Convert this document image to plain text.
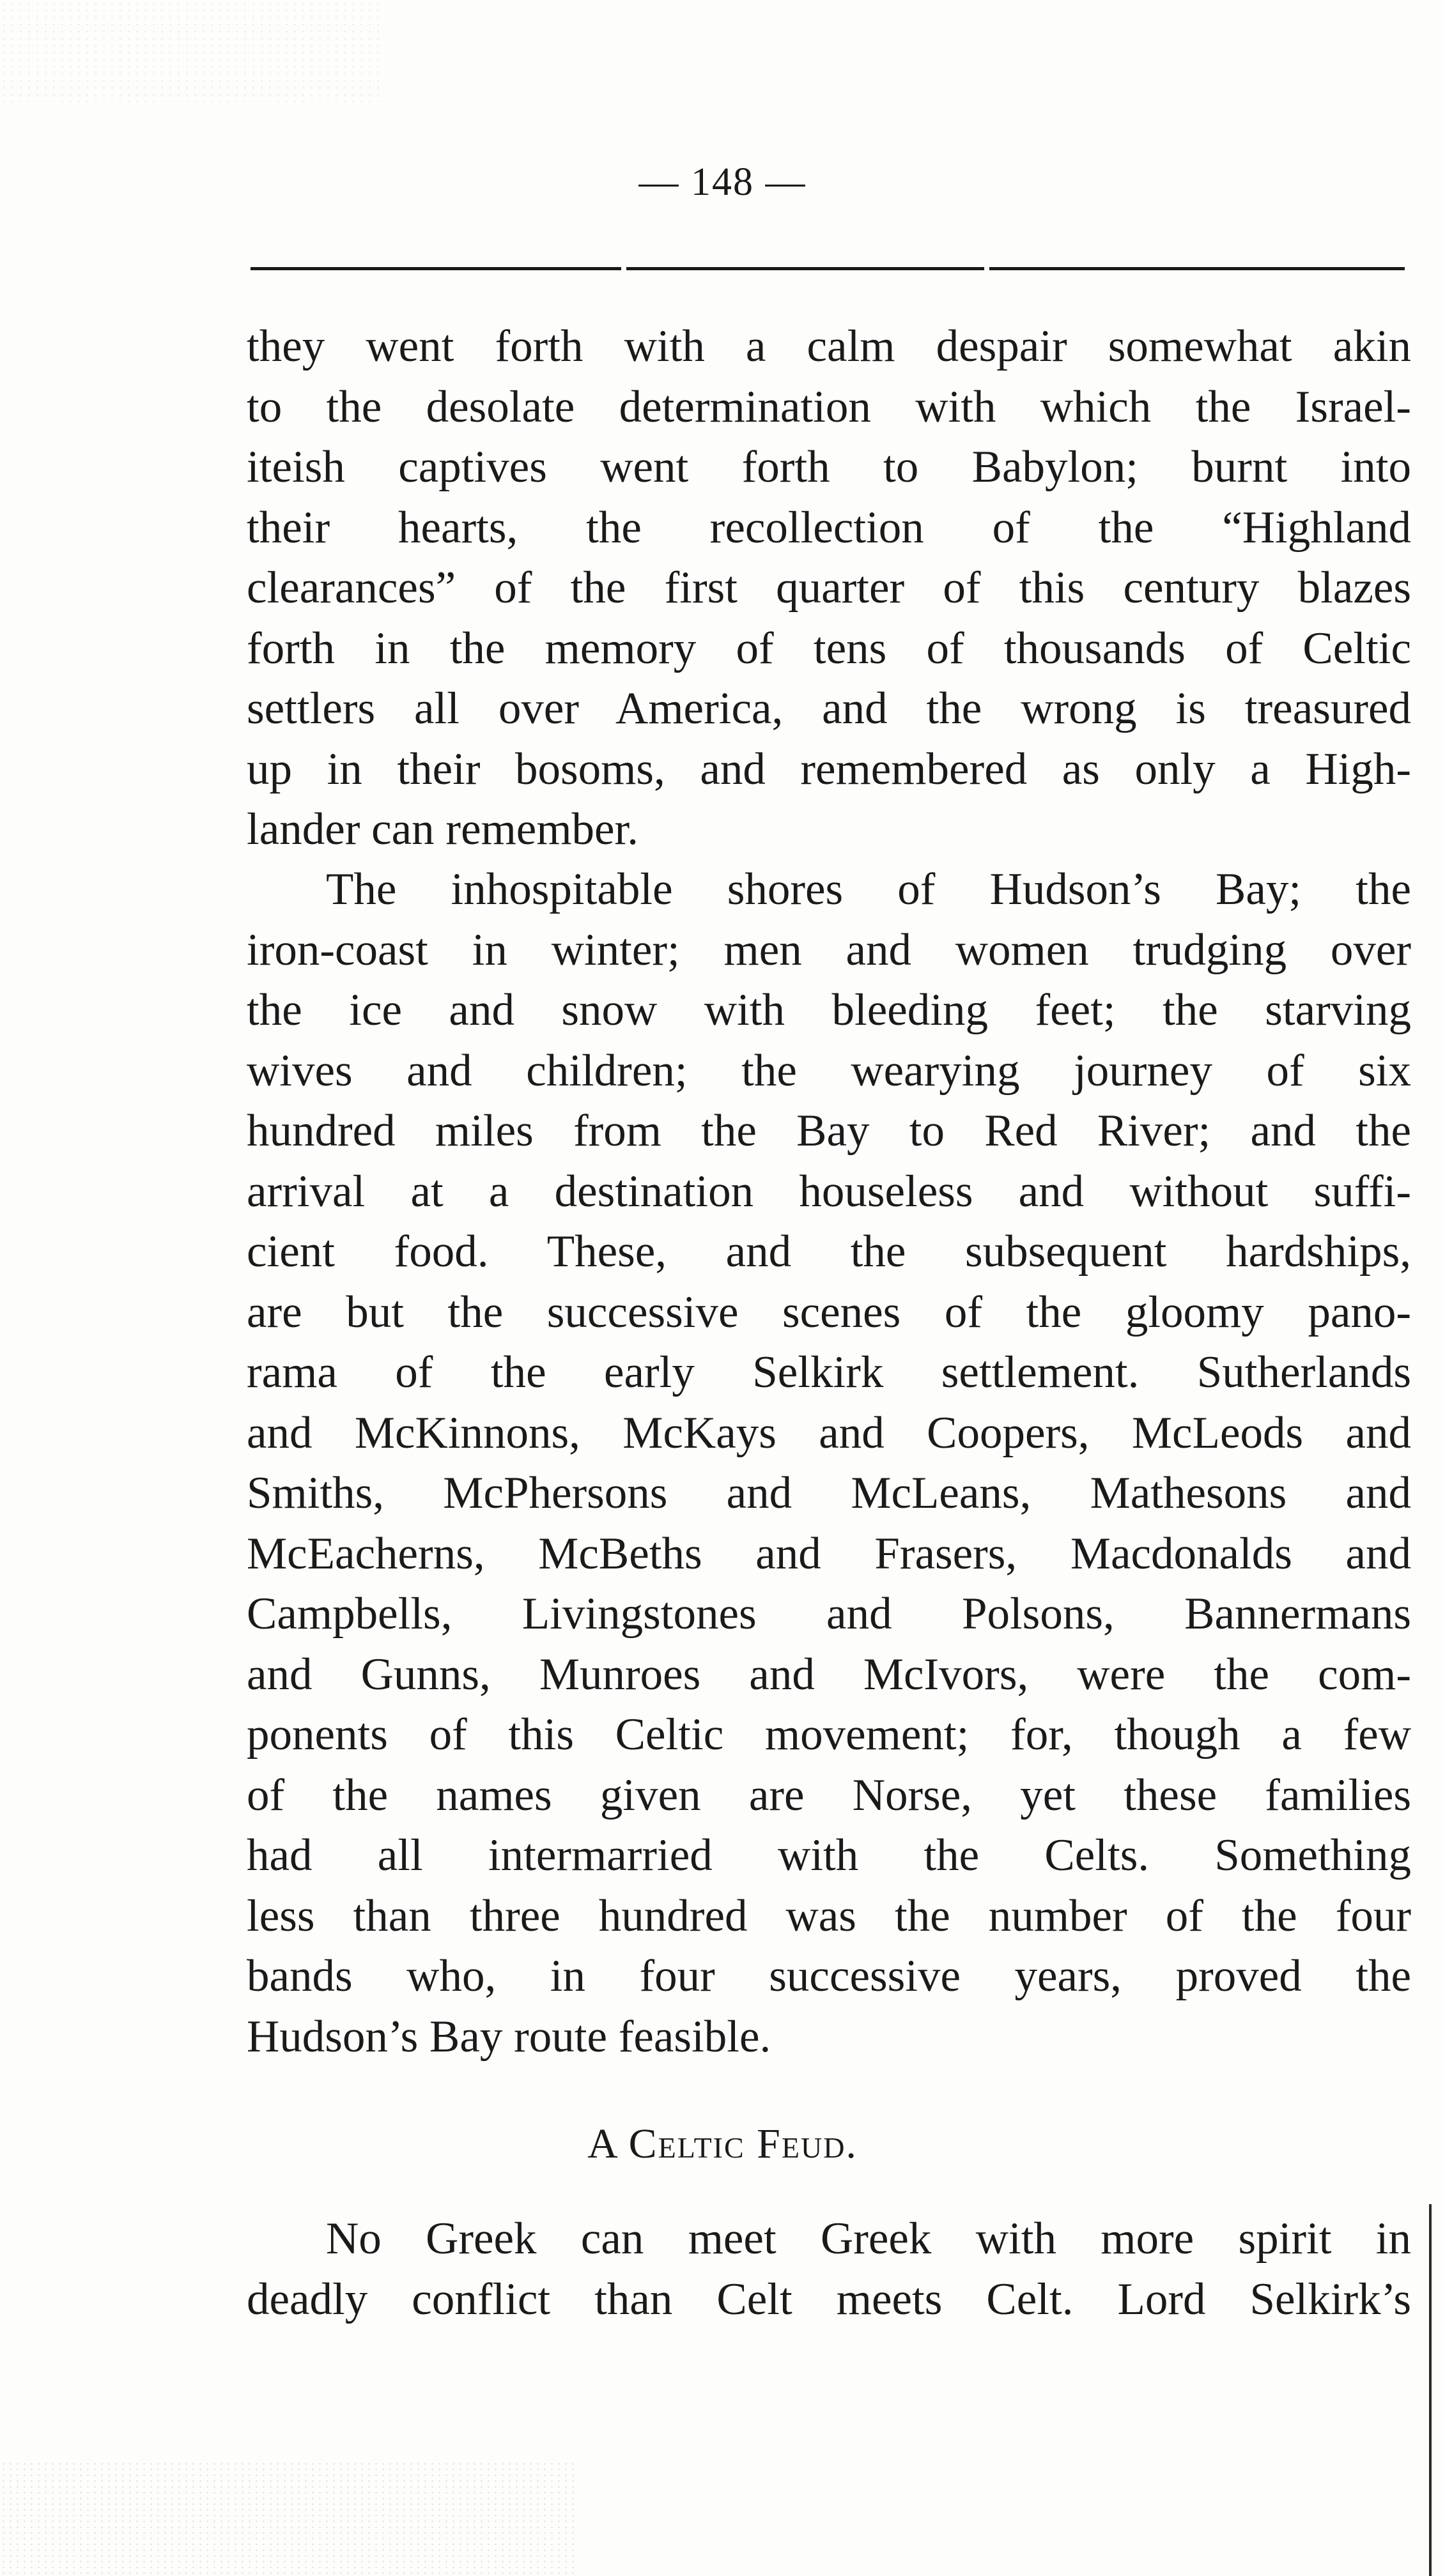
— 148 —
they went forth with a calm despair somewhat akin
to the desolate determination with which the Israel-
iteish captives went forth to Babylon; burnt into
their hearts, the recollection of the “Highland
clearances” of the first quarter of this century blazes
forth in the memory of tens of thousands of Celtic
settlers all over America, and the wrong is treasured
up in their bosoms, and remembered as only a High-
lander can remember.
The inhospitable shores of Hudson’s Bay; the
iron-coast in winter; men and women trudging over
the ice and snow with bleeding feet; the starving
wives and children; the wearying journey of six
hundred miles from the Bay to Red River; and the
arrival at a destination houseless and without suffi-
cient food. These, and the subsequent hardships,
are but the successive scenes of the gloomy pano-
rama of the early Selkirk settlement. Sutherlands
and McKinnons, McKays and Coopers, McLeods and
Smiths, McPhersons and McLeans, Mathesons and
McEacherns, McBeths and Frasers, Macdonalds and
Campbells, Livingstones and Polsons, Bannermans
and Gunns, Munroes and McIvors, were the com-
ponents of this Celtic movement; for, though a few
of the names given are Norse, yet these families
had all intermarried with the Celts. Something
less than three hundred was the number of the four
bands who, in four successive years, proved the
Hudson’s Bay route feasible.
A Celtic Feud.
No Greek can meet Greek with more spirit in
deadly conflict than Celt meets Celt. Lord Selkirk’s
